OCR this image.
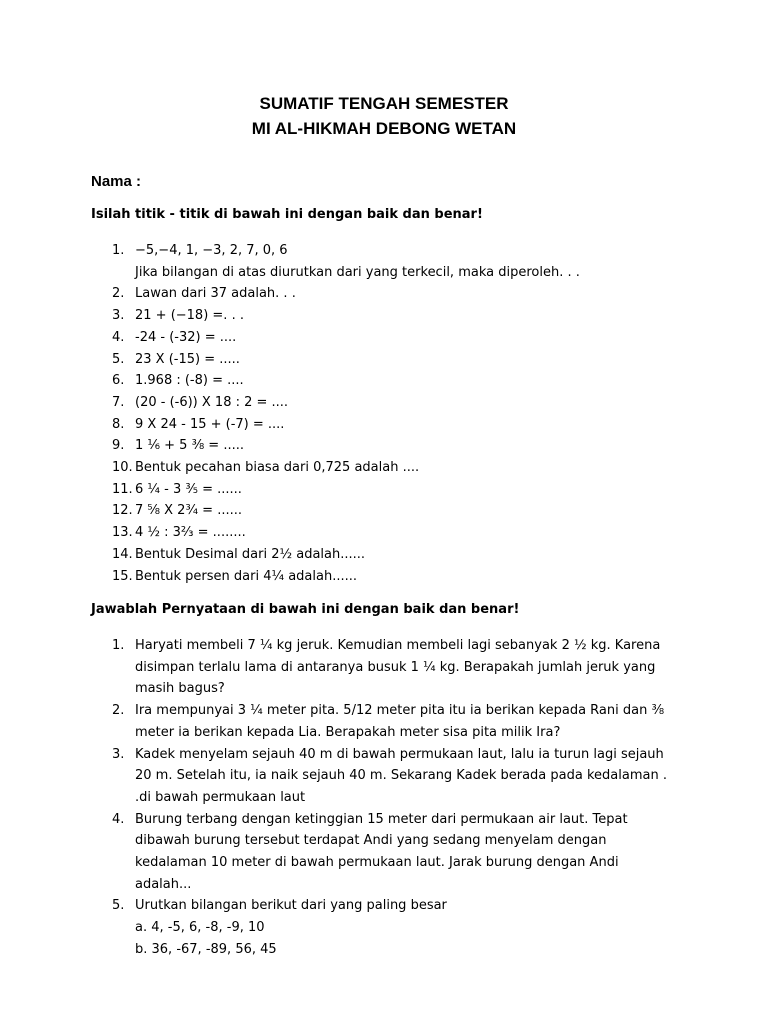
SUMATIF TENGAH SEMESTER
MI AL-HIKMAH DEBONG WETAN

Nama :

Isilah titik - titik di bawah ini dengan baik dan benar!

1. −5,−4, 1, −3, 2, 7, 0, 6
Jika bilangan di atas diurutkan dari yang terkecil, maka diperoleh. . .
2. Lawan dari 37 adalah. . .
3. 21 + (−18) =. . .
4. -24 - (-32) = ....
5. 23 X (-15) = .....
6. 1.968 : (-8) = ....
7. (20 - (-6)) X 18 : 2 = ....
8. 9 X 24 - 15 + (-7) = ....
9. 1 ⅙ + 5 ⅜ = .....
10. Bentuk pecahan biasa dari 0,725 adalah ....
11. 6 ¼ - 3 ⅗ = ......
12. 7 ⅝ X 2¾ = ......
13. 4 ½ : 3⅔ = ........
14. Bentuk Desimal dari 2½ adalah......
15. Bentuk persen dari 4¼ adalah......

Jawablah Pernyataan di bawah ini dengan baik dan benar!

1. Haryati membeli 7 ¼ kg jeruk. Kemudian membeli lagi sebanyak 2 ½ kg. Karena disimpan terlalu lama di antaranya busuk 1 ¼ kg. Berapakah jumlah jeruk yang masih bagus?
2. Ira mempunyai 3 ¼ meter pita. 5/12 meter pita itu ia berikan kepada Rani dan ⅜ meter ia berikan kepada Lia. Berapakah meter sisa pita milik Ira?
3. Kadek menyelam sejauh 40 m di bawah permukaan laut, lalu ia turun lagi sejauh 20 m. Setelah itu, ia naik sejauh 40 m. Sekarang Kadek berada pada kedalaman . .di bawah permukaan laut
4. Burung terbang dengan ketinggian 15 meter dari permukaan air laut. Tepat dibawah burung tersebut terdapat Andi yang sedang menyelam dengan kedalaman 10 meter di bawah permukaan laut. Jarak burung dengan Andi adalah...
5. Urutkan bilangan berikut dari yang paling besar
a. 4, -5, 6, -8, -9, 10
b. 36, -67, -89, 56, 45
